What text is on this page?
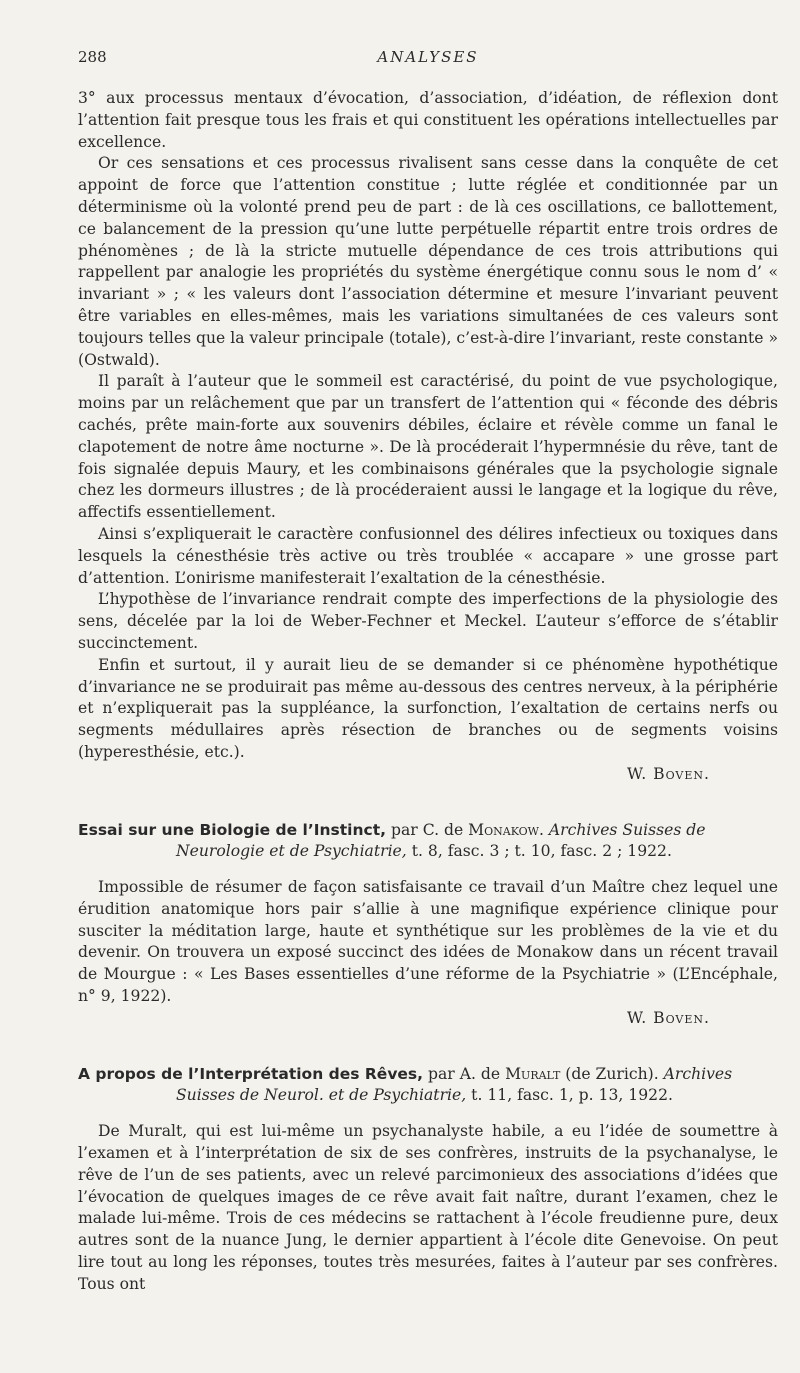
288	ANALYSES

3° aux processus mentaux d’évocation, d’association, d’idéation, de réflexion dont l’attention fait presque tous les frais et qui constituent les opérations intellectuelles par excellence.

Or ces sensations et ces processus rivalisent sans cesse dans la conquête de cet appoint de force que l’attention constitue ; lutte réglée et conditionnée par un déterminisme où la volonté prend peu de part : de là ces oscillations, ce ballottement, ce balancement de la pression qu’une lutte perpétuelle répartit entre trois ordres de phénomènes ; de là la stricte mutuelle dépendance de ces trois attributions qui rappellent par analogie les propriétés du système énergétique connu sous le nom d’ « invariant » ; « les valeurs dont l’association détermine et mesure l’invariant peuvent être variables en elles-mêmes, mais les variations simultanées de ces valeurs sont toujours telles que la valeur principale (totale), c’est-à-dire l’invariant, reste constante » (Ostwald).

Il paraît à l’auteur que le sommeil est caractérisé, du point de vue psychologique, moins par un relâchement que par un transfert de l’attention qui « féconde des débris cachés, prête main-forte aux souvenirs débiles, éclaire et révèle comme un fanal le clapotement de notre âme nocturne ». De là procéderait l’hypermnésie du rêve, tant de fois signalée depuis Maury, et les combinaisons générales que la psychologie signale chez les dormeurs illustres ; de là procéderaient aussi le langage et la logique du rêve, affectifs essentiellement.

Ainsi s’expliquerait le caractère confusionnel des délires infectieux ou toxiques dans lesquels la cénesthésie très active ou très troublée « accapare » une grosse part d’attention. L’onirisme manifesterait l’exaltation de la cénesthésie.

L’hypothèse de l’invariance rendrait compte des imperfections de la physiologie des sens, décelée par la loi de Weber-Fechner et Meckel. L’auteur s’efforce de s’établir succinctement.

Enfin et surtout, il y aurait lieu de se demander si ce phénomène hypothétique d’invariance ne se produirait pas même au-dessous des centres nerveux, à la périphérie et n’expliquerait pas la suppléance, la surfonction, l’exaltation de certains nerfs ou segments médullaires après résection de branches ou de segments voisins (hyperesthésie, etc.).

W. Boven.
Essai sur une Biologie de l’Instinct, par C. de Monakow. Archives Suisses de
Neurologie et de Psychiatrie, t. 8, fasc. 3 ; t. 10, fasc. 2 ; 1922.

Impossible de résumer de façon satisfaisante ce travail d’un Maître chez lequel une érudition anatomique hors pair s’allie à une magnifique expérience clinique pour susciter la méditation large, haute et synthétique sur les problèmes de la vie et du devenir. On trouvera un exposé succinct des idées de Monakow dans un récent travail de Mourgue : « Les Bases essentielles d’une réforme de la Psychiatrie » (L’Encéphale, n° 9, 1922).

W. Boven.
A propos de l’Interprétation des Rêves, par A. de Muralt (de Zurich). Archives
Suisses de Neurol. et de Psychiatrie, t. 11, fasc. 1, p. 13, 1922.

De Muralt, qui est lui-même un psychanalyste habile, a eu l’idée de soumettre à l’examen et à l’interprétation de six de ses confrères, instruits de la psychanalyse, le rêve de l’un de ses patients, avec un relevé parcimonieux des associations d’idées que l’évocation de quelques images de ce rêve avait fait naître, durant l’examen, chez le malade lui-même. Trois de ces médecins se rattachent à l’école freudienne pure, deux autres sont de la nuance Jung, le dernier appartient à l’école dite Genevoise. On peut lire tout au long les réponses, toutes très mesurées, faites à l’auteur par ses confrères. Tous ont
